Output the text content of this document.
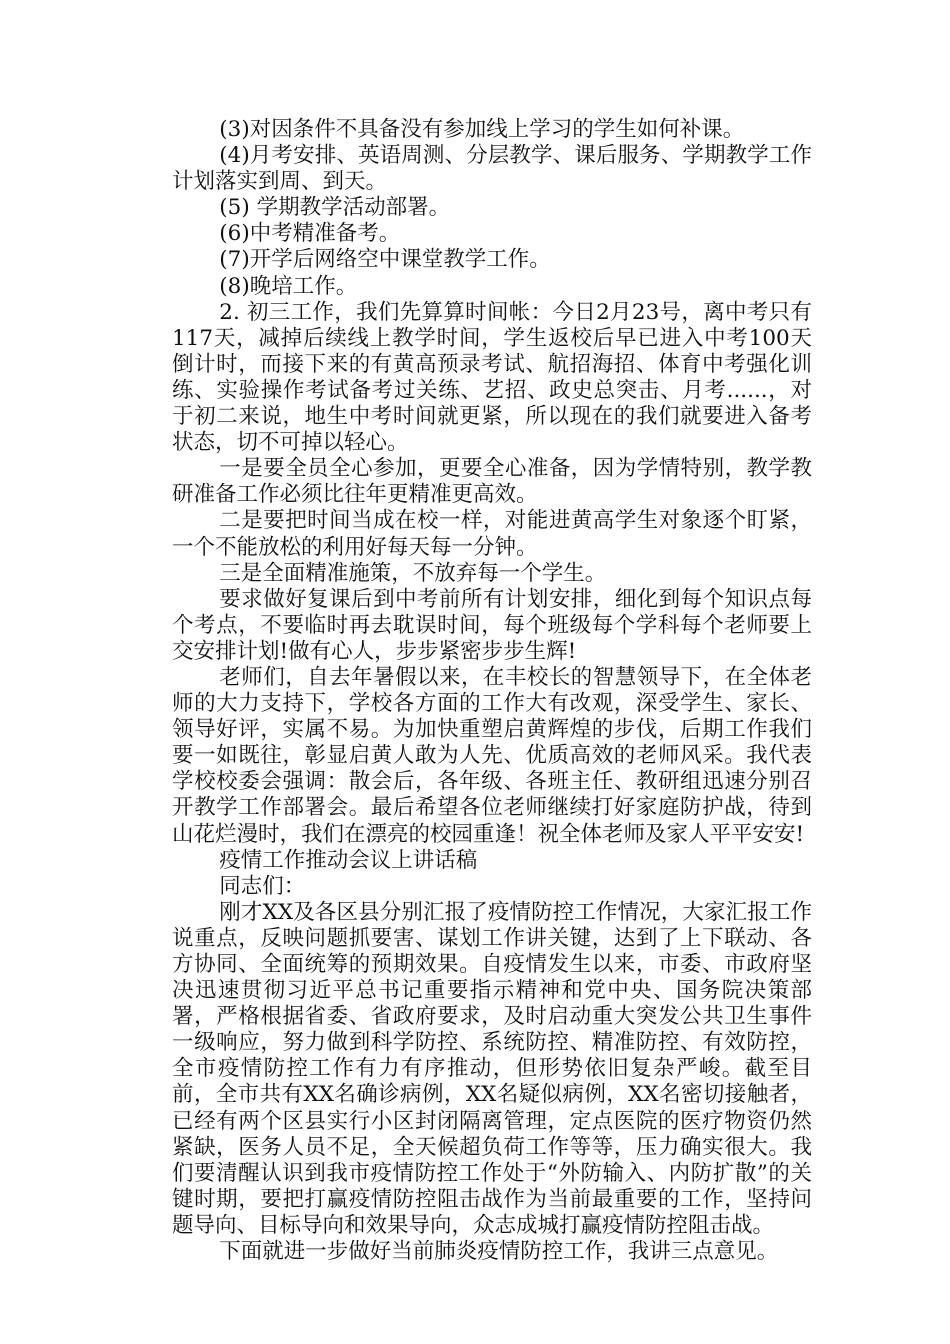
(3)对因条件不具备没有参加线上学习的学生如何补课。

(4)月考安排、英语周测、分层教学、课后服务、学期教学工作计划落实到周、到天。

(5) 学期教学活动部署。

(6)中考精准备考。

(7)开学后网络空中课堂教学工作。

(8)晚培工作。

2. 初三工作，我们先算算时间帐：今日2月23号，离中考只有117天，减掉后续线上教学时间，学生返校后早已进入中考100天倒计时，而接下来的有黄高预录考试、航招海招、体育中考强化训练、实验操作考试备考过关练、艺招、政史总突击、月考......，对于初二来说，地生中考时间就更紧，所以现在的我们就要进入备考状态，切不可掉以轻心。

一是要全员全心参加，更要全心准备，因为学情特别，教学教研准备工作必须比往年更精准更高效。

二是要把时间当成在校一样，对能进黄高学生对象逐个盯紧，一个不能放松的利用好每天每一分钟。

三是全面精准施策，不放弃每一个学生。

要求做好复课后到中考前所有计划安排，细化到每个知识点每个考点，不要临时再去耽误时间，每个班级每个学科每个老师要上交安排计划!做有心人，步步紧密步步生辉!

老师们，自去年暑假以来，在丰校长的智慧领导下，在全体老师的大力支持下，学校各方面的工作大有改观，深受学生、家长、领导好评，实属不易。为加快重塑启黄辉煌的步伐，后期工作我们要一如既往，彰显启黄人敢为人先、优质高效的老师风采。我代表学校校委会强调：散会后，各年级、各班主任、教研组迅速分别召开教学工作部署会。最后希望各位老师继续打好家庭防护战，待到山花烂漫时，我们在漂亮的校园重逢！祝全体老师及家人平平安安!

疫情工作推动会议上讲话稿

同志们：

刚才XX及各区县分别汇报了疫情防控工作情况，大家汇报工作说重点，反映问题抓要害、谋划工作讲关键，达到了上下联动、各方协同、全面统筹的预期效果。自疫情发生以来，市委、市政府坚决迅速贯彻习近平总书记重要指示精神和党中央、国务院决策部署，严格根据省委、省政府要求，及时启动重大突发公共卫生事件一级响应，努力做到科学防控、系统防控、精准防控、有效防控，全市疫情防控工作有力有序推动，但形势依旧复杂严峻。截至目前，全市共有XX名确诊病例，XX名疑似病例，XX名密切接触者，已经有两个区县实行小区封闭隔离管理，定点医院的医疗物资仍然紧缺，医务人员不足，全天候超负荷工作等等，压力确实很大。我们要清醒认识到我市疫情防控工作处于“外防输入、内防扩散”的关键时期，要把打赢疫情防控阻击战作为当前最重要的工作，坚持问题导向、目标导向和效果导向，众志成城打赢疫情防控阻击战。

下面就进一步做好当前肺炎疫情防控工作，我讲三点意见。
